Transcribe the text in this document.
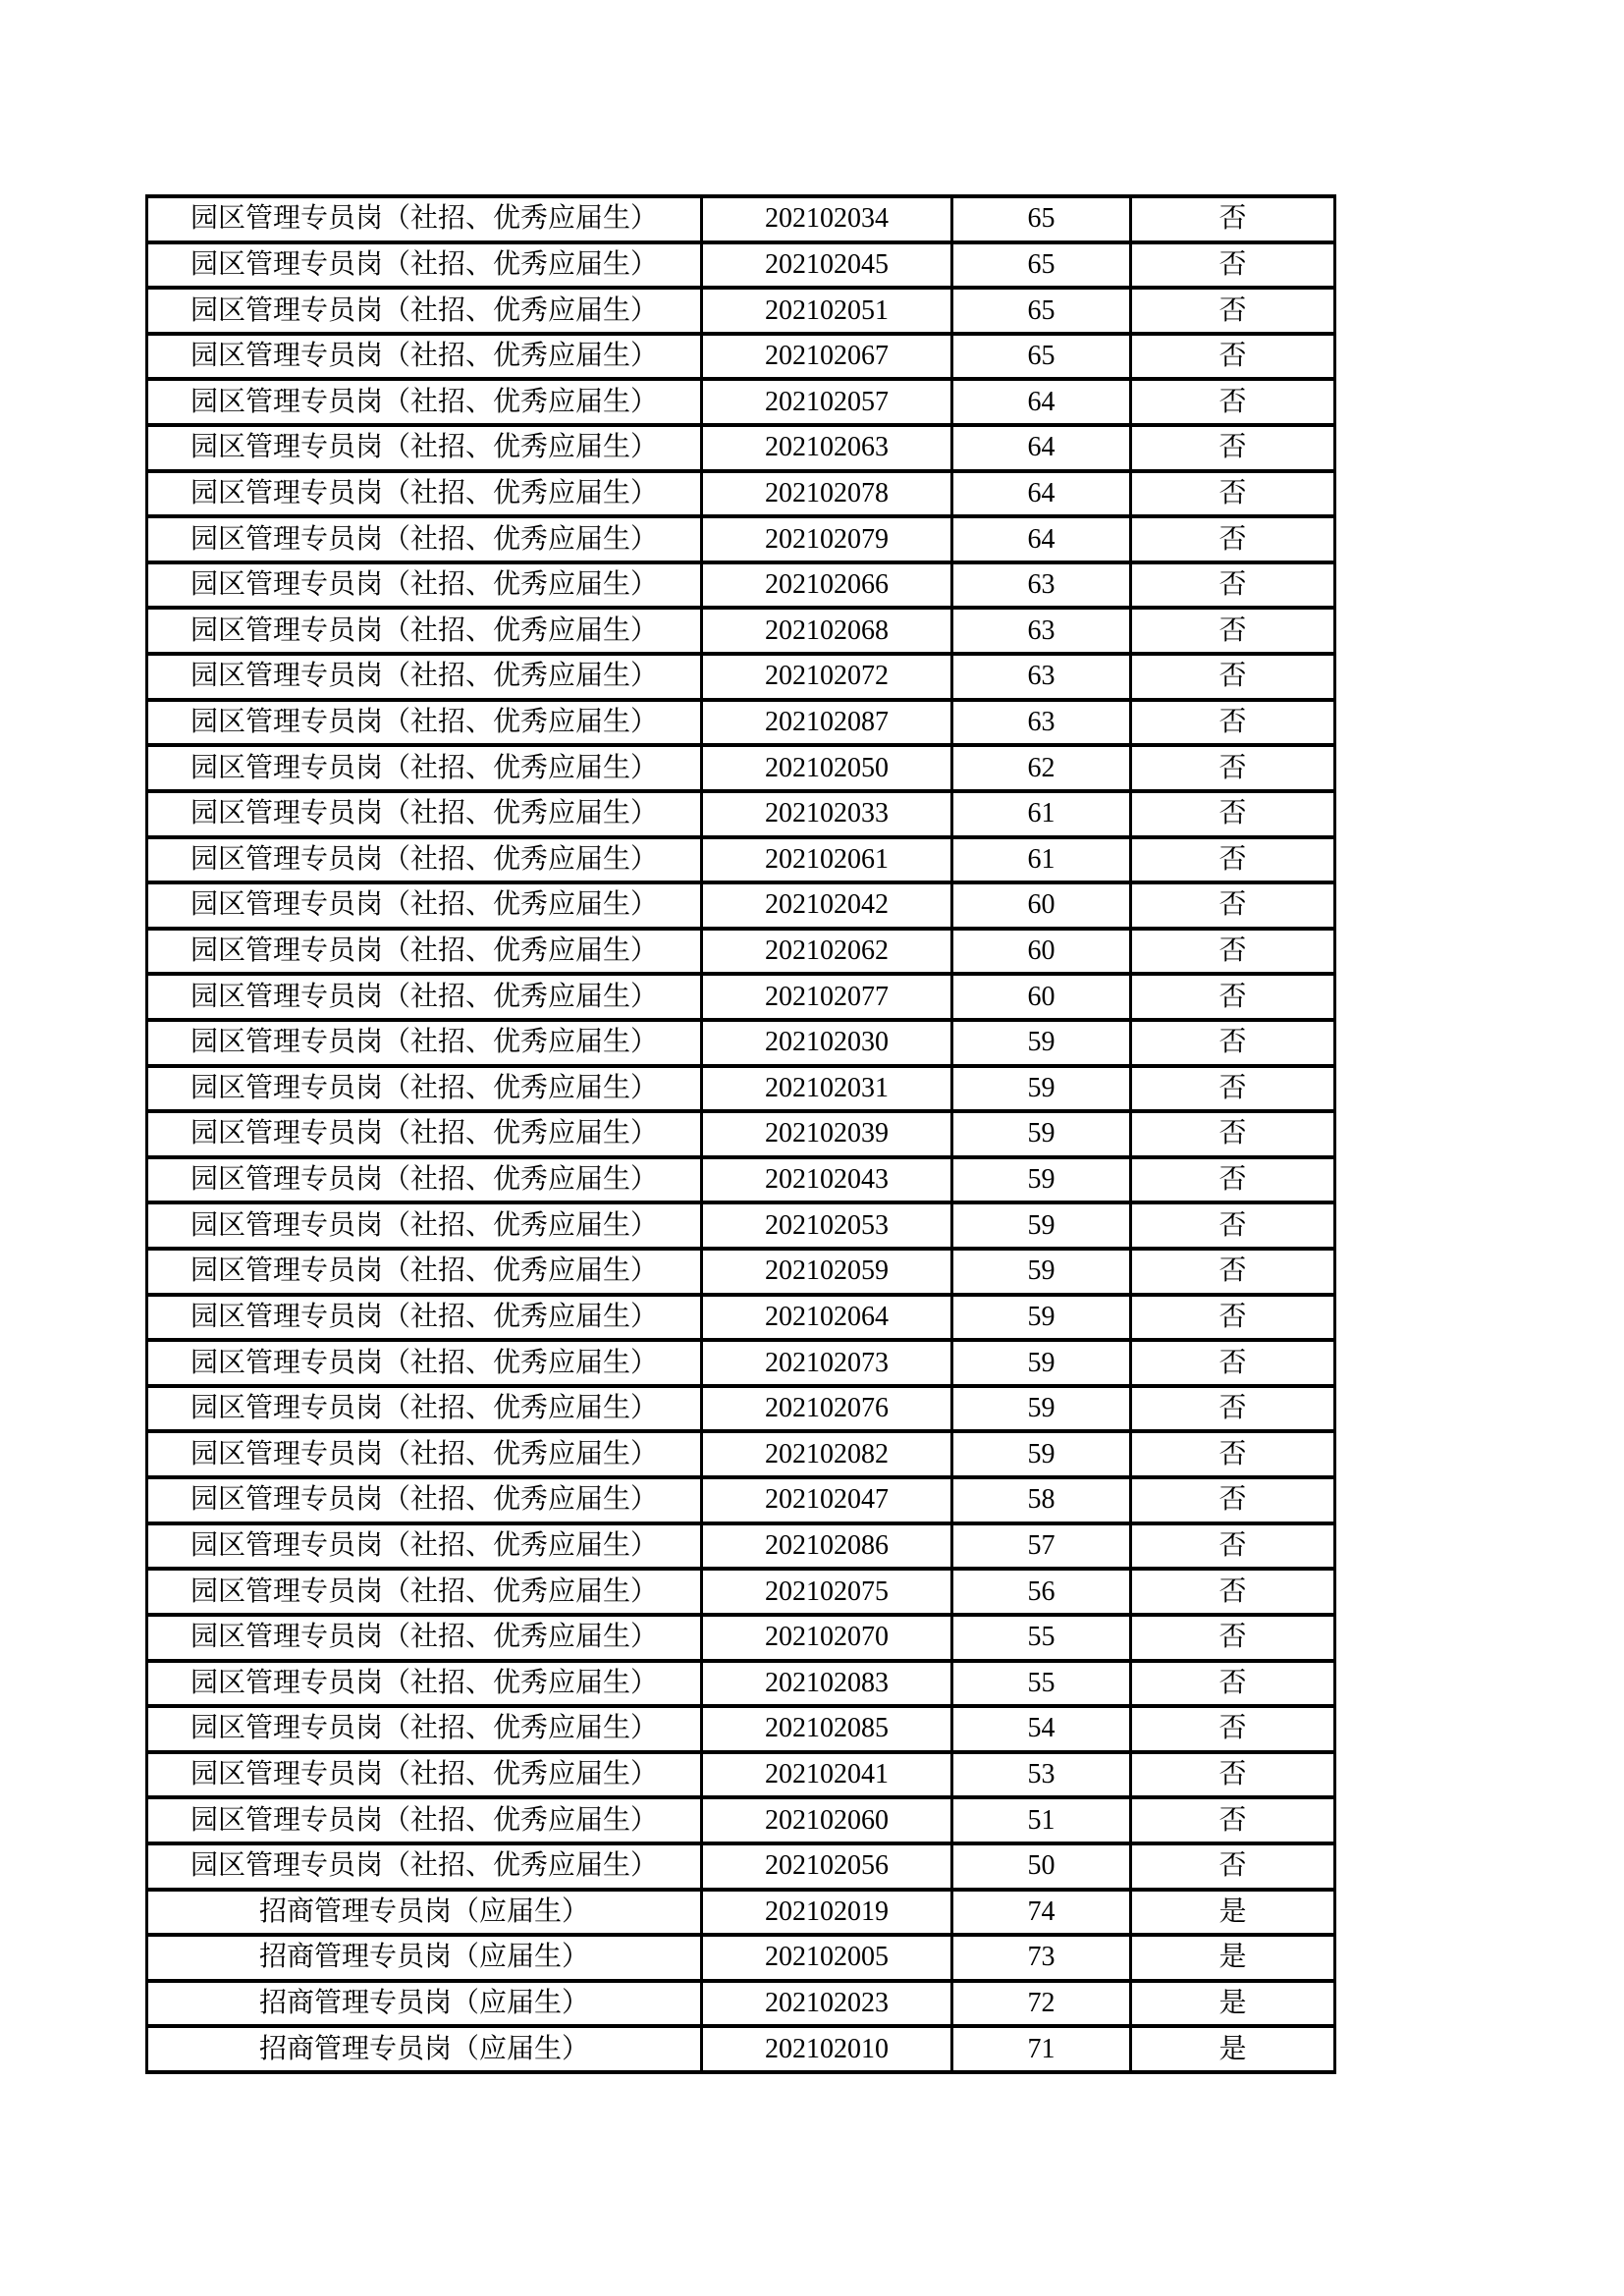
园区管理专员岗（社招、优秀应届生）	202102034	65	否
园区管理专员岗（社招、优秀应届生）	202102045	65	否
园区管理专员岗（社招、优秀应届生）	202102051	65	否
园区管理专员岗（社招、优秀应届生）	202102067	65	否
园区管理专员岗（社招、优秀应届生）	202102057	64	否
园区管理专员岗（社招、优秀应届生）	202102063	64	否
园区管理专员岗（社招、优秀应届生）	202102078	64	否
园区管理专员岗（社招、优秀应届生）	202102079	64	否
园区管理专员岗（社招、优秀应届生）	202102066	63	否
园区管理专员岗（社招、优秀应届生）	202102068	63	否
园区管理专员岗（社招、优秀应届生）	202102072	63	否
园区管理专员岗（社招、优秀应届生）	202102087	63	否
园区管理专员岗（社招、优秀应届生）	202102050	62	否
园区管理专员岗（社招、优秀应届生）	202102033	61	否
园区管理专员岗（社招、优秀应届生）	202102061	61	否
园区管理专员岗（社招、优秀应届生）	202102042	60	否
园区管理专员岗（社招、优秀应届生）	202102062	60	否
园区管理专员岗（社招、优秀应届生）	202102077	60	否
园区管理专员岗（社招、优秀应届生）	202102030	59	否
园区管理专员岗（社招、优秀应届生）	202102031	59	否
园区管理专员岗（社招、优秀应届生）	202102039	59	否
园区管理专员岗（社招、优秀应届生）	202102043	59	否
园区管理专员岗（社招、优秀应届生）	202102053	59	否
园区管理专员岗（社招、优秀应届生）	202102059	59	否
园区管理专员岗（社招、优秀应届生）	202102064	59	否
园区管理专员岗（社招、优秀应届生）	202102073	59	否
园区管理专员岗（社招、优秀应届生）	202102076	59	否
园区管理专员岗（社招、优秀应届生）	202102082	59	否
园区管理专员岗（社招、优秀应届生）	202102047	58	否
园区管理专员岗（社招、优秀应届生）	202102086	57	否
园区管理专员岗（社招、优秀应届生）	202102075	56	否
园区管理专员岗（社招、优秀应届生）	202102070	55	否
园区管理专员岗（社招、优秀应届生）	202102083	55	否
园区管理专员岗（社招、优秀应届生）	202102085	54	否
园区管理专员岗（社招、优秀应届生）	202102041	53	否
园区管理专员岗（社招、优秀应届生）	202102060	51	否
园区管理专员岗（社招、优秀应届生）	202102056	50	否
招商管理专员岗（应届生）	202102019	74	是
招商管理专员岗（应届生）	202102005	73	是
招商管理专员岗（应届生）	202102023	72	是
招商管理专员岗（应届生）	202102010	71	是
